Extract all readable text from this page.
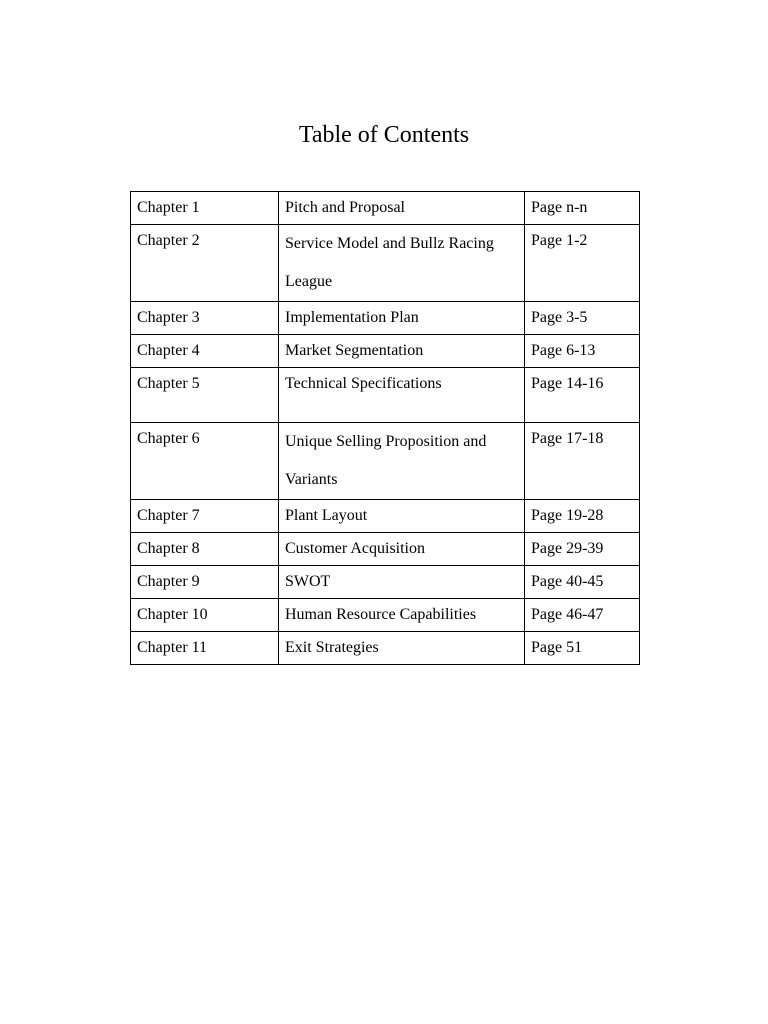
Table of Contents
Chapter 1	Pitch and Proposal	Page n-n
Chapter 2	Service Model and Bullz Racing League	Page 1-2
Chapter 3	Implementation Plan	Page 3-5
Chapter 4	Market Segmentation	Page 6-13
Chapter 5	Technical Specifications	Page 14-16
Chapter 6	Unique Selling Proposition and Variants	Page 17-18
Chapter 7	Plant Layout	Page 19-28
Chapter 8	Customer Acquisition	Page 29-39
Chapter 9	SWOT	Page 40-45
Chapter 10	Human Resource Capabilities	Page 46-47
Chapter 11	Exit Strategies	Page 51
